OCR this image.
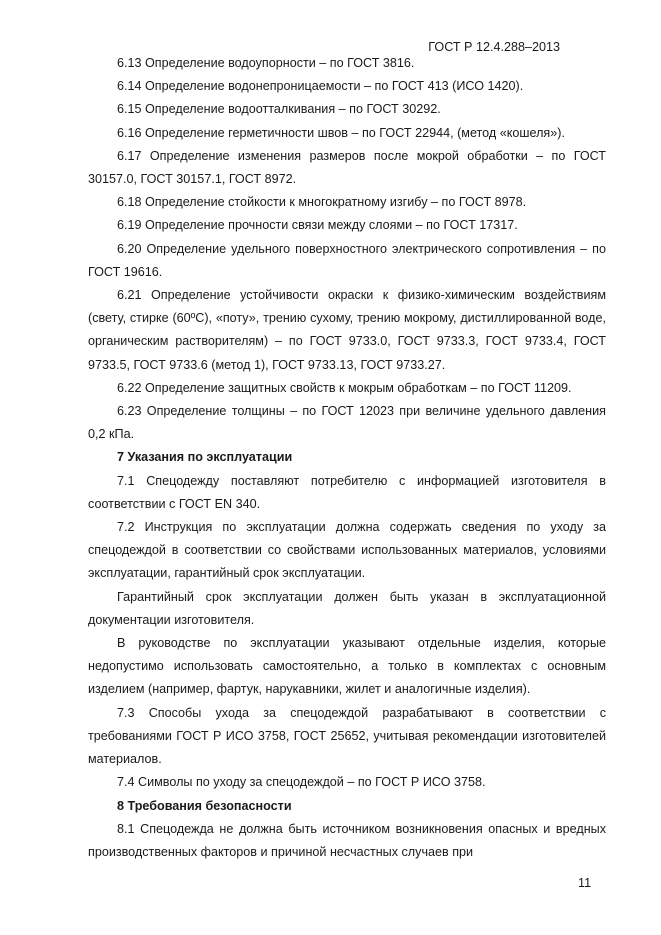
ГОСТ Р 12.4.288–2013

6.13 Определение водоупорности – по ГОСТ 3816.

6.14 Определение водонепроницаемости – по ГОСТ 413 (ИСО 1420).

6.15 Определение водоотталкивания – по ГОСТ 30292.

6.16 Определение герметичности швов – по ГОСТ 22944, (метод «кошеля»).

6.17 Определение изменения размеров после мокрой обработки – по ГОСТ 30157.0, ГОСТ 30157.1, ГОСТ 8972.

6.18 Определение стойкости к многократному изгибу – по ГОСТ 8978.

6.19 Определение прочности связи между слоями – по ГОСТ 17317.

6.20 Определение удельного поверхностного электрического сопротивления – по ГОСТ 19616.

6.21 Определение устойчивости окраски к физико-химическим воздействиям (свету, стирке (60ºС), «поту», трению сухому, трению мокрому, дистиллированной воде, органическим растворителям) – по ГОСТ 9733.0, ГОСТ 9733.3, ГОСТ 9733.4, ГОСТ 9733.5, ГОСТ 9733.6 (метод 1), ГОСТ 9733.13, ГОСТ 9733.27.

6.22 Определение защитных свойств к мокрым обработкам – по ГОСТ 11209.

6.23 Определение толщины – по ГОСТ 12023 при величине удельного давления 0,2 кПа.

7 Указания по эксплуатации

7.1 Спецодежду поставляют потребителю с информацией изготовителя в соответствии с ГОСТ EN 340.

7.2 Инструкция по эксплуатации должна содержать сведения по уходу за спецодеждой в соответствии со свойствами использованных материалов, условиями эксплуатации, гарантийный срок эксплуатации.

Гарантийный срок эксплуатации должен быть указан в эксплуатационной документации изготовителя.

В руководстве по эксплуатации указывают отдельные изделия, которые недопустимо использовать самостоятельно, а только в комплектах с основным изделием (например, фартук, нарукавники, жилет и аналогичные изделия).

7.3 Способы ухода за спецодеждой разрабатывают в соответствии с требованиями ГОСТ Р ИСО 3758, ГОСТ 25652, учитывая рекомендации изготовителей материалов.

7.4 Символы по уходу за спецодеждой – по ГОСТ Р ИСО 3758.

8 Требования безопасности

8.1 Спецодежда не должна быть источником возникновения опасных и вредных производственных факторов и причиной несчастных случаев при

11
